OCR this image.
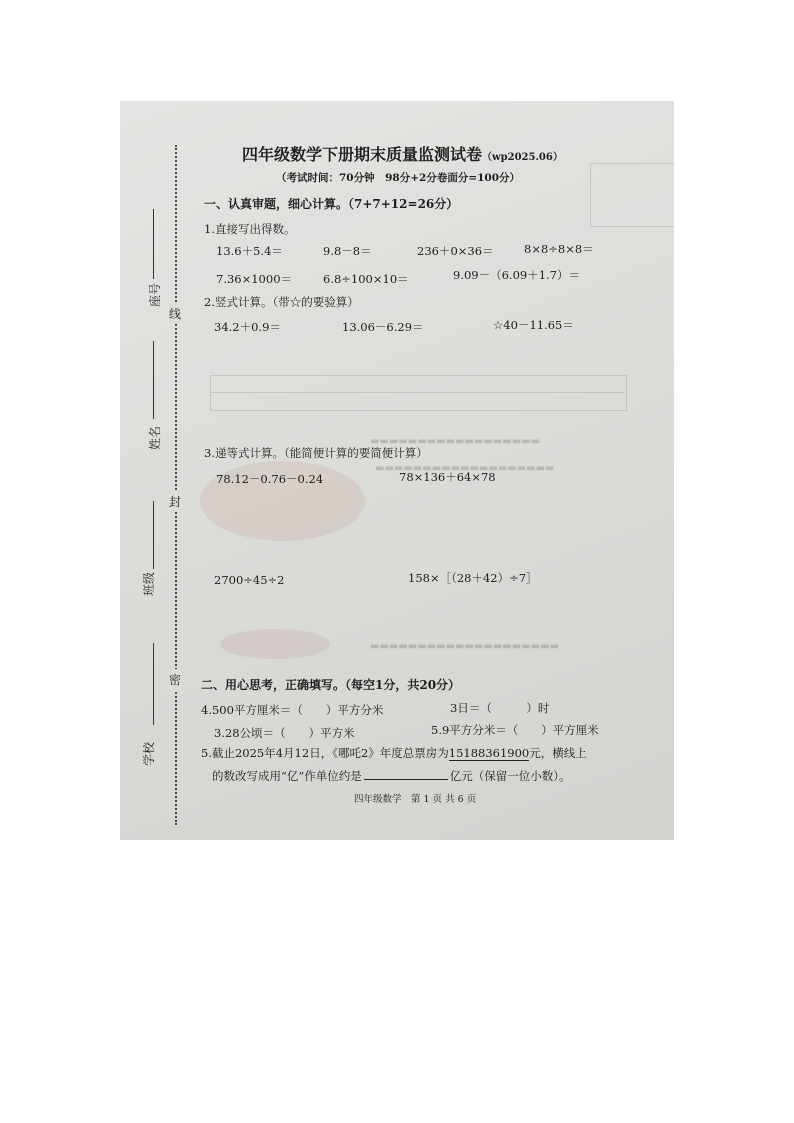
▬▬▬▬▬▬▬▬▬▬▬▬▬▬▬▬▬▬
▬▬▬▬▬▬▬▬▬▬▬▬▬▬▬▬▬▬▬
▬▬▬▬▬▬▬▬▬▬▬▬▬▬▬▬▬▬▬▬
线
封
密
座号
姓名
班级
学校
四年级数学下册期末质量监测试卷（wp2025.06）
（考试时间：70分钟　98分+2分卷面分=100分）
一、认真审题，细心计算。（7+7+12=26分）
1.直接写出得数。
13.6＋5.4＝	9.8－8＝	236＋0×36＝	8×8÷8×8＝
7.36×1000＝	6.8÷100×10＝	9.09－（6.09＋1.7）＝
2.竖式计算。（带☆的要验算）
34.2＋0.9＝	13.06－6.29＝	☆40－11.65＝
3.递等式计算。（能简便计算的要简便计算）
78.12－0.76－0.24	78×136＋64×78
2700÷45÷2	158×［（28＋42）÷7］
二、用心思考，正确填写。（每空1分，共20分）
4.500平方厘米＝（　　）平方分米	3日＝（　　　）时
3.28公顷＝（　　）平方米	5.9平方分米＝（　　）平方厘米
5.截止2025年4月12日，《哪吒2》年度总票房为15188361900元，横线上
的数改写成用“亿”作单位约是	亿元（保留一位小数）。
四年级数学　第 1 页 共 6 页
